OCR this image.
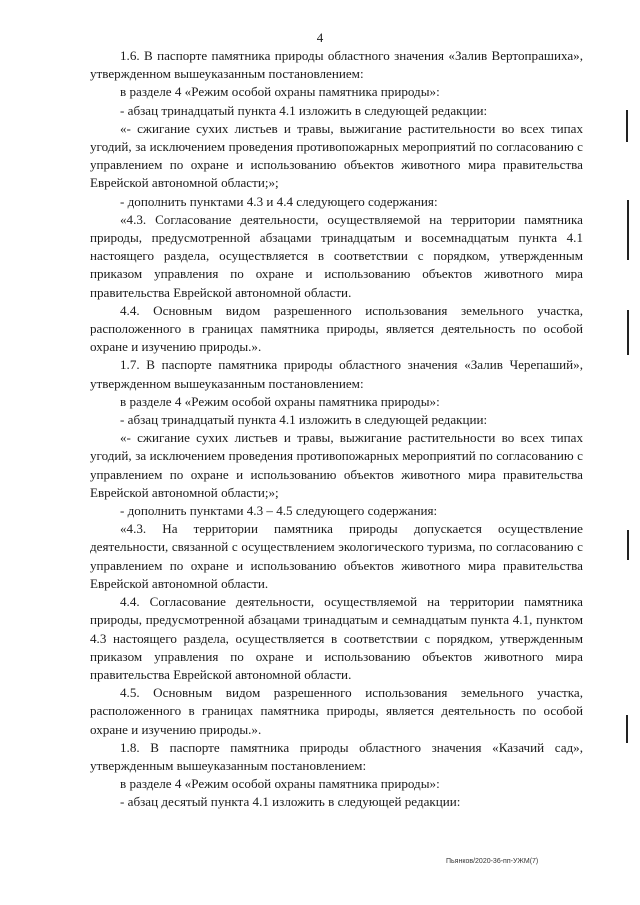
4

1.6. В паспорте памятника природы областного значения «Залив Вертопрашиха», утвержденном вышеуказанным постановлением:

в разделе 4 «Режим особой охраны памятника природы»:

- абзац тринадцатый пункта 4.1 изложить в следующей редакции:

«- сжигание сухих листьев и травы, выжигание растительности во всех типах угодий, за исключением проведения противопожарных мероприятий по согласованию с управлением по охране и использованию объектов животного мира правительства Еврейской автономной области;»;

- дополнить пунктами 4.3 и 4.4 следующего содержания:

«4.3. Согласование деятельности, осуществляемой на территории памятника природы, предусмотренной абзацами тринадцатым и восемнадцатым пункта 4.1 настоящего раздела, осуществляется в соответствии с порядком, утвержденным приказом управления по охране и использованию объектов животного мира правительства Еврейской автономной области.

4.4. Основным видом разрешенного использования земельного участка, расположенного в границах памятника природы, является деятельность по особой охране и изучению природы.».

1.7. В паспорте памятника природы областного значения «Залив Черепаший», утвержденном вышеуказанным постановлением:

в разделе 4 «Режим особой охраны памятника природы»:

- абзац тринадцатый пункта 4.1 изложить в следующей редакции:

«- сжигание сухих листьев и травы, выжигание растительности во всех типах угодий, за исключением проведения противопожарных мероприятий по согласованию с управлением по охране и использованию объектов животного мира правительства Еврейской автономной области;»;

- дополнить пунктами 4.3 – 4.5 следующего содержания:

«4.3. На территории памятника природы допускается осуществление деятельности, связанной с осуществлением экологического туризма, по согласованию с управлением по охране и использованию объектов животного мира правительства Еврейской автономной области.

4.4. Согласование деятельности, осуществляемой на территории памятника природы, предусмотренной абзацами тринадцатым и семнадцатым пункта 4.1, пунктом 4.3 настоящего раздела, осуществляется в соответствии с порядком, утвержденным приказом управления по охране и использованию объектов животного мира правительства Еврейской автономной области.

4.5. Основным видом разрешенного использования земельного участка, расположенного в границах памятника природы, является деятельность по особой охране и изучению природы.».

1.8. В паспорте памятника природы областного значения «Казачий сад», утвержденным вышеуказанным постановлением:

в разделе 4 «Режим особой охраны памятника природы»:

- абзац десятый пункта 4.1 изложить в следующей редакции:

Пьянков/2020-36-пп-УЖМ(7)
